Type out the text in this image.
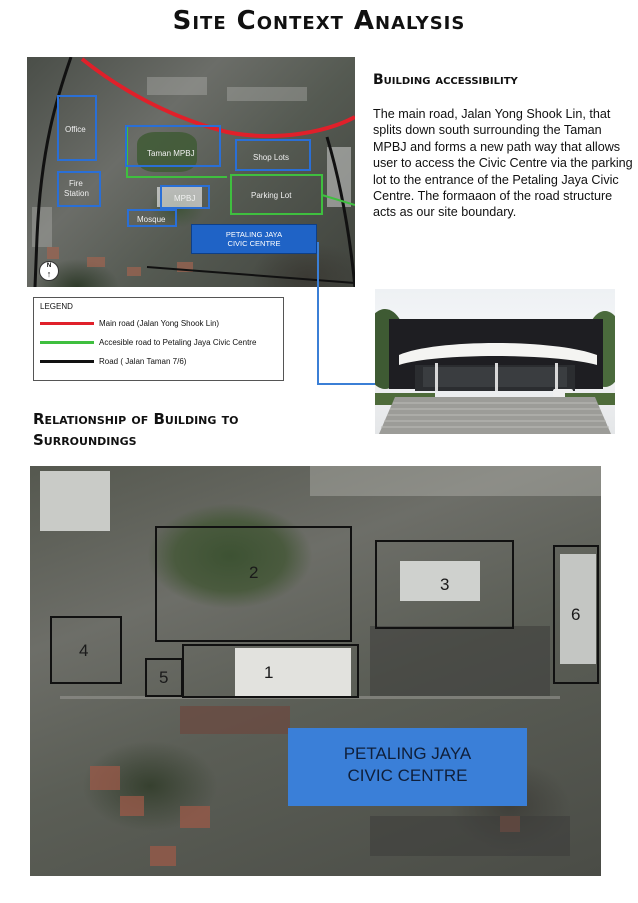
Site Context Analysis
Office
Taman MPBJ	Shop Lots
Fire
Station	Parking Lot
MPBJ
Mosque
PETALING JAYA
CIVIC CENTRE
N
↑
Building accessibility
The main road, Jalan Yong Shook Lin, that splits down south surrounding the Taman MPBJ and forms a new path way that allows user to access the Civic Centre via the parking lot to the entrance of the Petaling Jaya Civic Centre. The formaaon of the road structure acts as our site boundary.
LEGEND
Main road (Jalan Yong Shook Lin)
Accesible road to Petaling Jaya Civic Centre
Road ( Jalan Taman 7/6)
Relationship of Building to
Surroundings
2
3
6
4
5	1
PETALING JAYA
CIVIC CENTRE
